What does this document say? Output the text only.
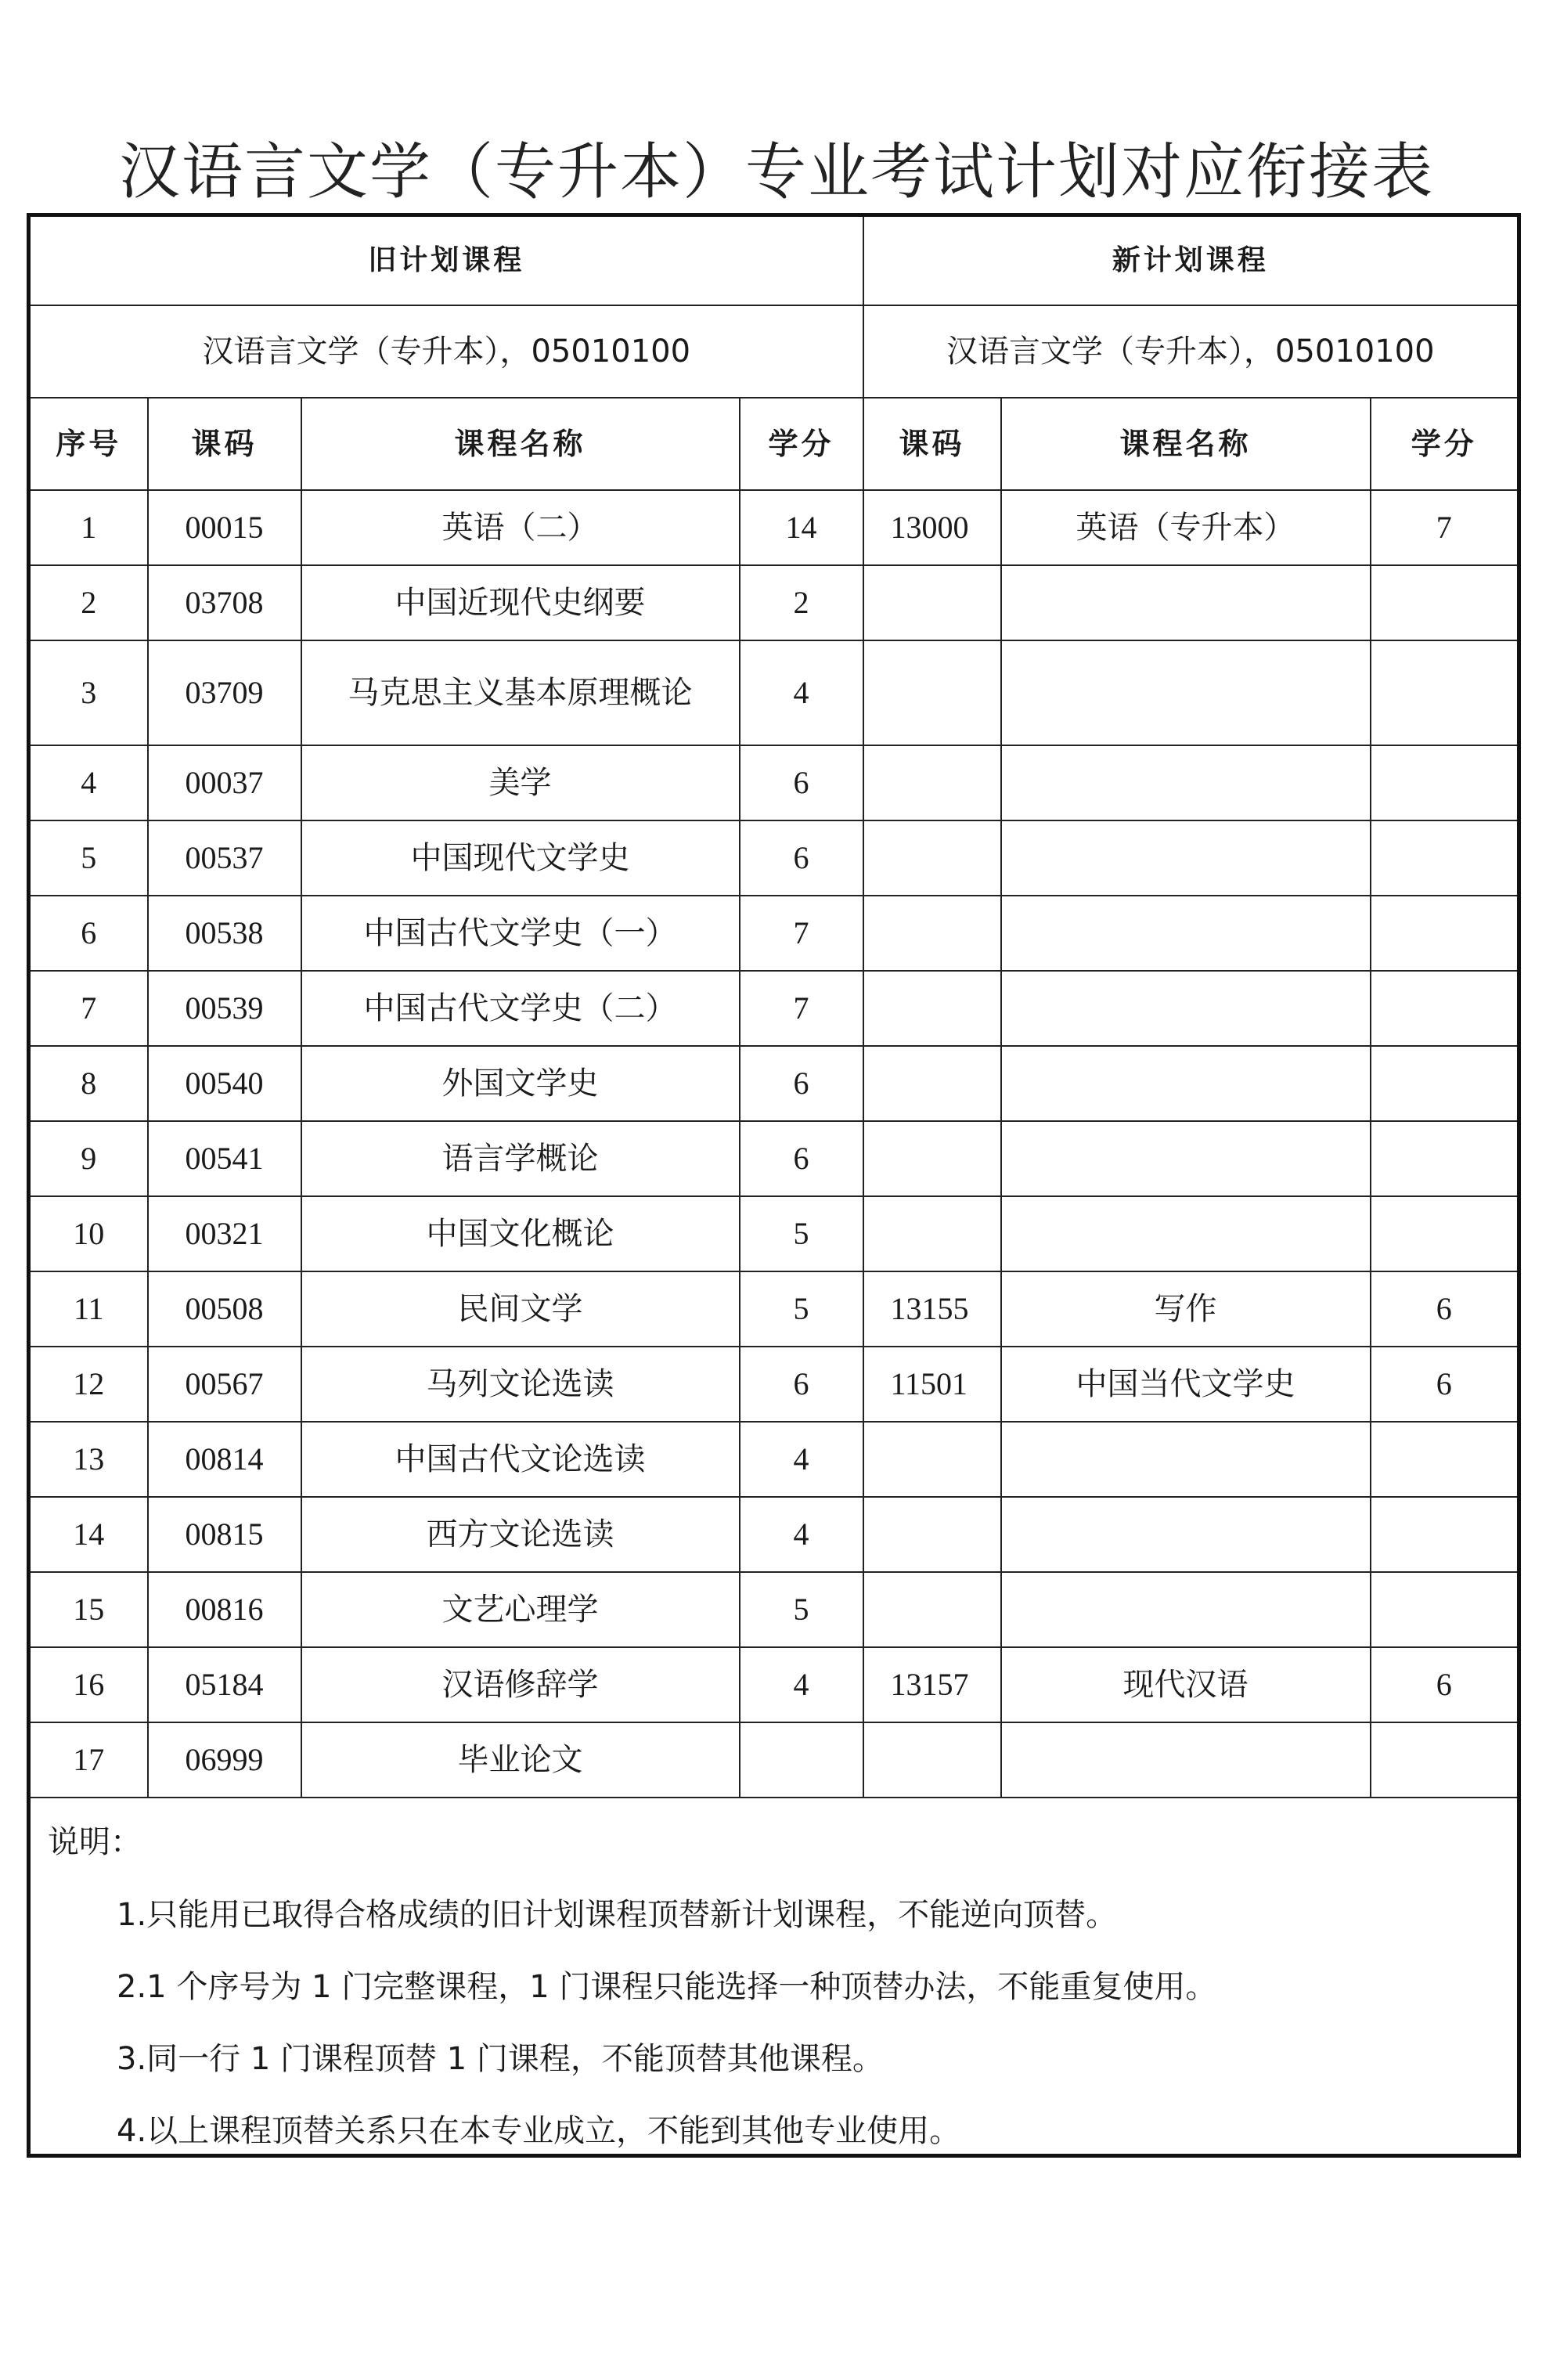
汉语言文学（专升本）专业考试计划对应衔接表
旧计划课程				新计划课程		
汉语言文学（专升本），05010100				汉语言文学（专升本），05010100		
序号	课码	课程名称	学分	课码	课程名称	学分
1	00015	英语（二）	14	13000	英语（专升本）	7
2	03708	中国近现代史纲要	2			
3	03709	马克思主义基本原理概论	4			
4	00037	美学	6			
5	00537	中国现代文学史	6			
6	00538	中国古代文学史（一）	7			
7	00539	中国古代文学史（二）	7			
8	00540	外国文学史	6			
9	00541	语言学概论	6			
10	00321	中国文化概论	5			
11	00508	民间文学	5	13155	写作	6
12	00567	马列文论选读	6	11501	中国当代文学史	6
13	00814	中国古代文论选读	4			
14	00815	西方文论选读	4			
15	00816	文艺心理学	5			
16	05184	汉语修辞学	4	13157	现代汉语	6
17	06999	毕业论文				

说明：
1.只能用已取得合格成绩的旧计划课程顶替新计划课程，不能逆向顶替。
2.1 个序号为 1 门完整课程，1 门课程只能选择一种顶替办法，不能重复使用。
3.同一行 1 门课程顶替 1 门课程，不能顶替其他课程。
4.以上课程顶替关系只在本专业成立，不能到其他专业使用。						
